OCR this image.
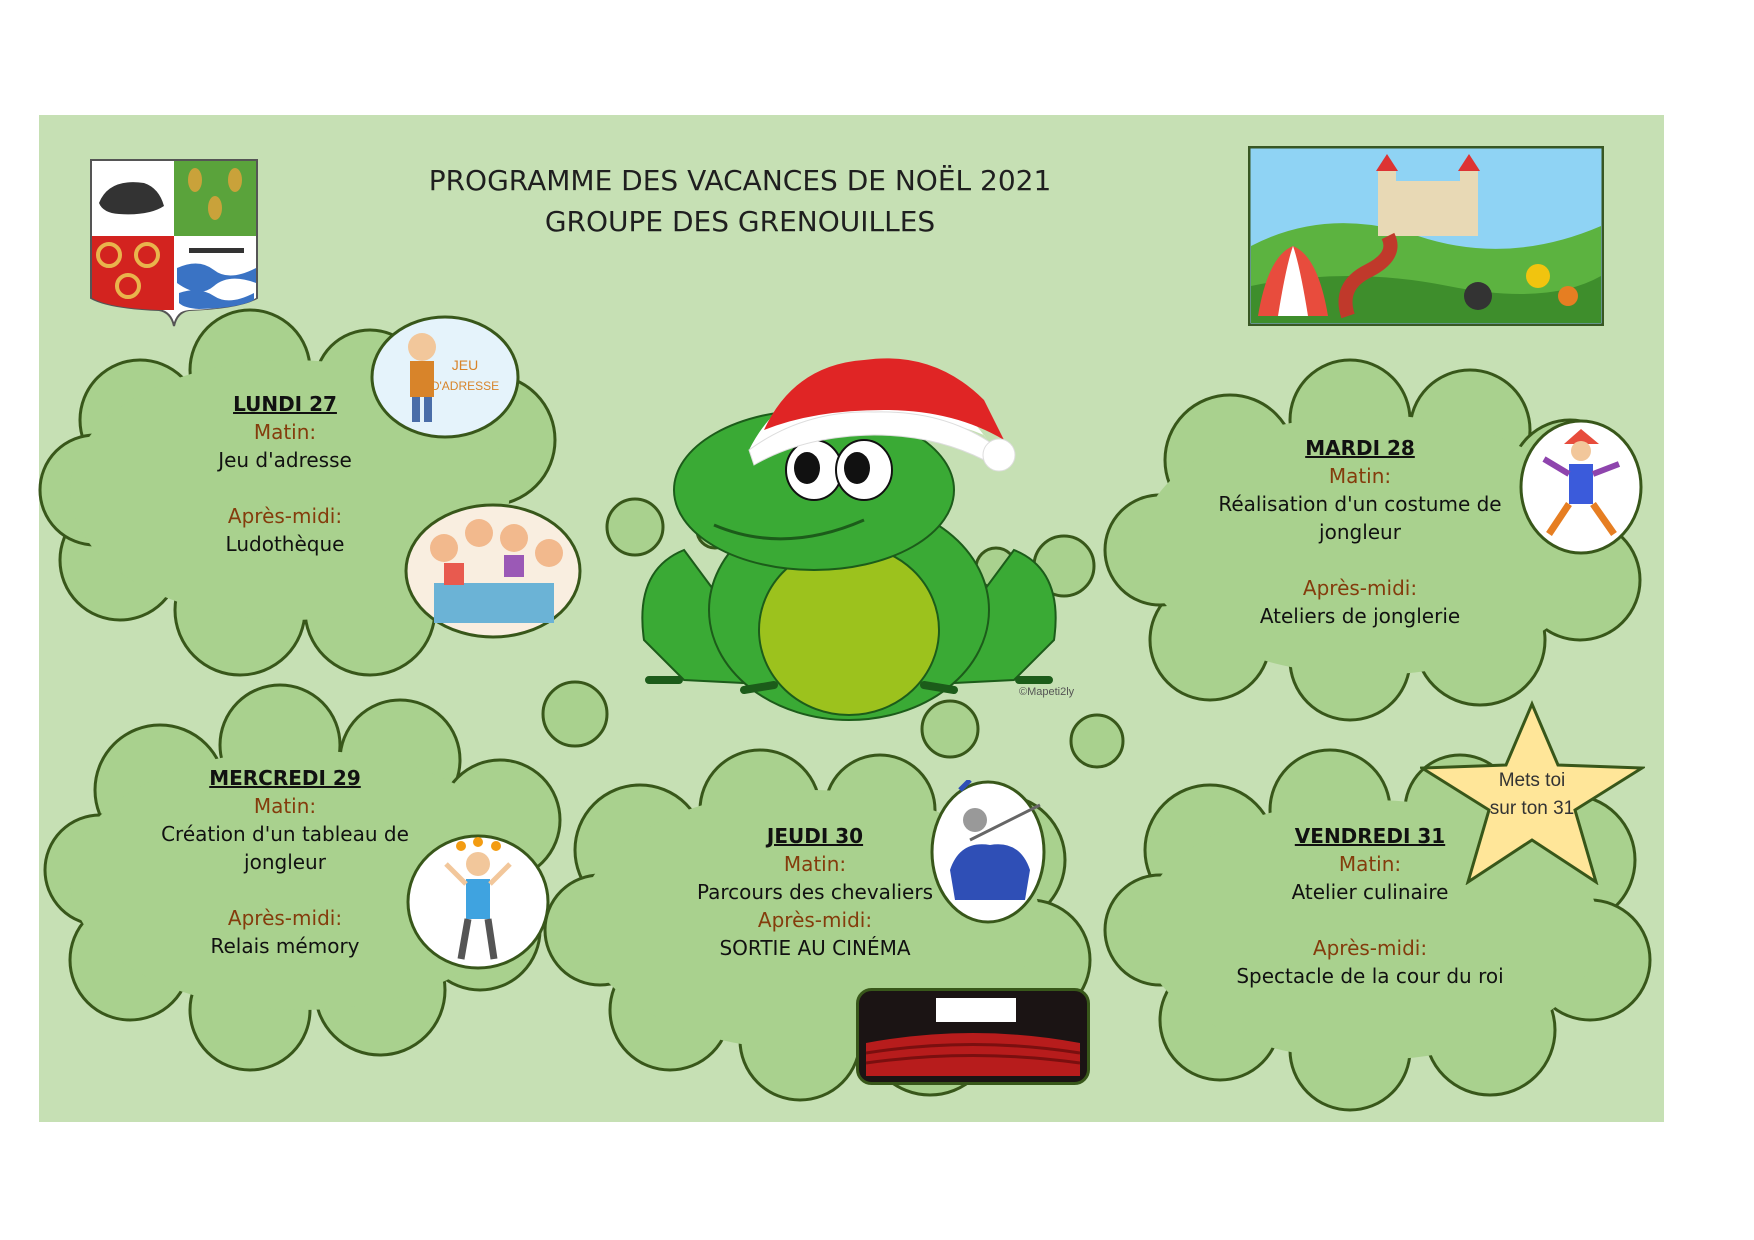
PROGRAMME DES VACANCES DE NOËL 2021
GROUPE DES GRENOUILLES
©Mapeti2ly
JEU
D'ADRESSE
Mets toi
sur ton 31
LUNDI 27
Matin:
Jeu d'adresse
Après-midi:
Ludothèque
MARDI 28
Matin:
Réalisation d'un costume de
jongleur
Après-midi:
Ateliers de jonglerie
MERCREDI 29
Matin:
Création d'un tableau de
jongleur
Après-midi:
Relais mémory
JEUDI 30
Matin:
Parcours des chevaliers
Après-midi:
SORTIE AU CINÉMA
VENDREDI 31
Matin:
Atelier culinaire
Après-midi:
Spectacle de la cour du roi
